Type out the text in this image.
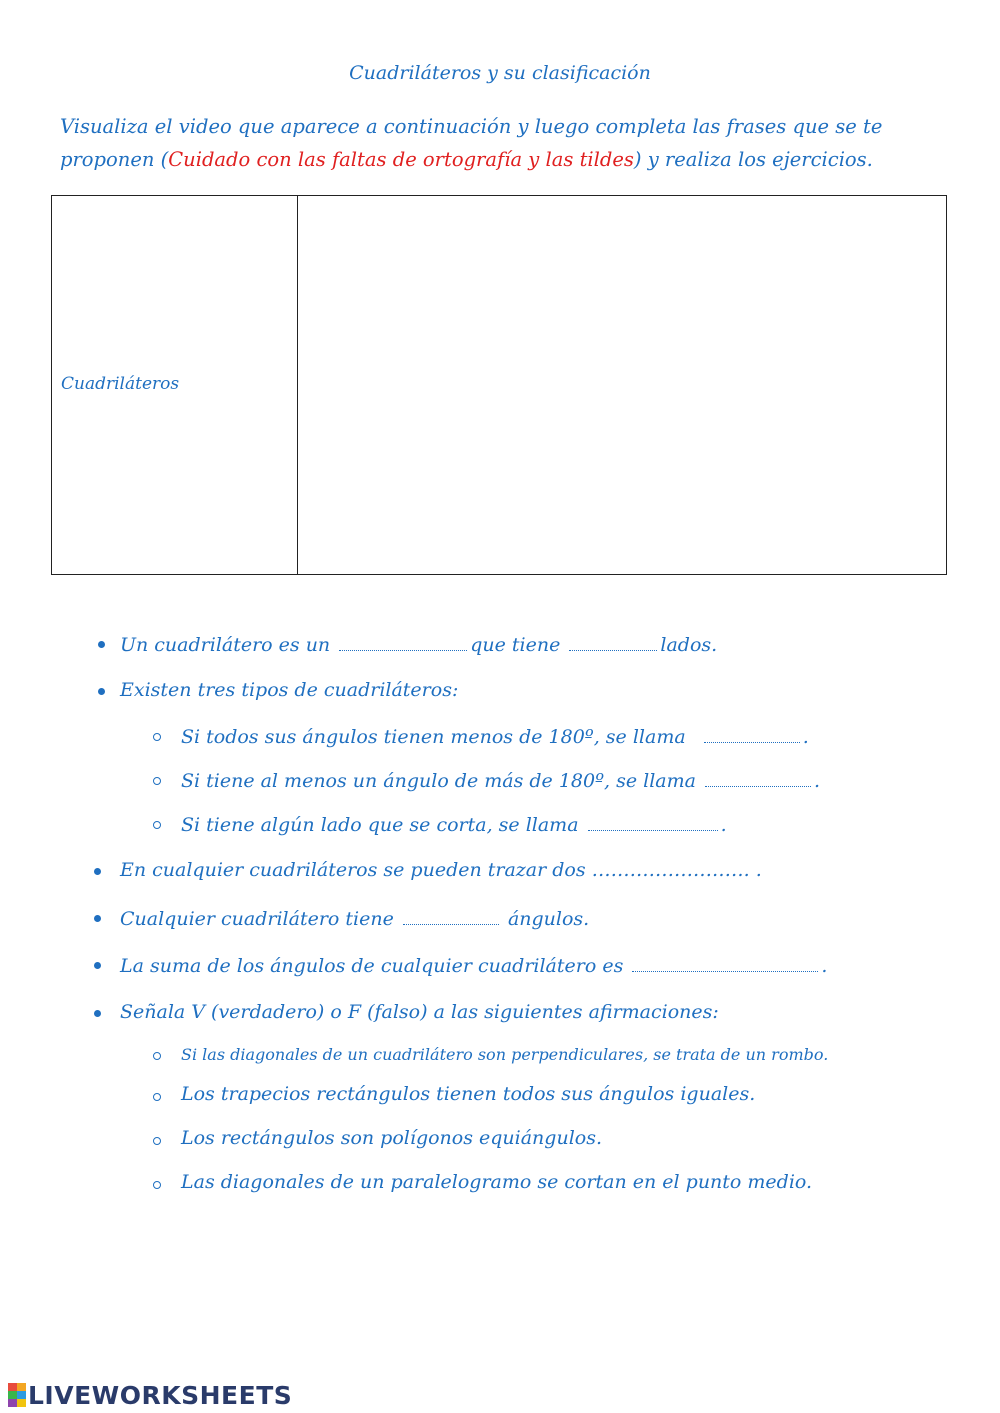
Cuadriláteros y su clasificación
Visualiza el video que aparece a continuación y luego completa las frases que se te proponen (Cuidado con las faltas de ortografía y las tildes) y realiza los ejercicios.
Cuadriláteros
Un cuadrilátero es un	que tiene	lados.
Existen tres tipos de cuadriláteros:
Si todos sus ángulos tienen menos de 180º, se llama	.
Si tiene al menos un ángulo de más de 180º, se llama	.
Si tiene algún lado que se corta, se llama	.
En cualquier cuadriláteros se pueden trazar dos ……………………. .
Cualquier cuadrilátero tiene	ángulos.
La suma de los ángulos de cualquier cuadrilátero es	.
Señala V (verdadero) o F (falso) a las siguientes afirmaciones:
Si las diagonales de un cuadrilátero son perpendiculares, se trata de un rombo.
Los trapecios rectángulos tienen todos sus ángulos iguales.
Los rectángulos son polígonos equiángulos.
Las diagonales de un paralelogramo se cortan en el punto medio.
LIVEWORKSHEETS
